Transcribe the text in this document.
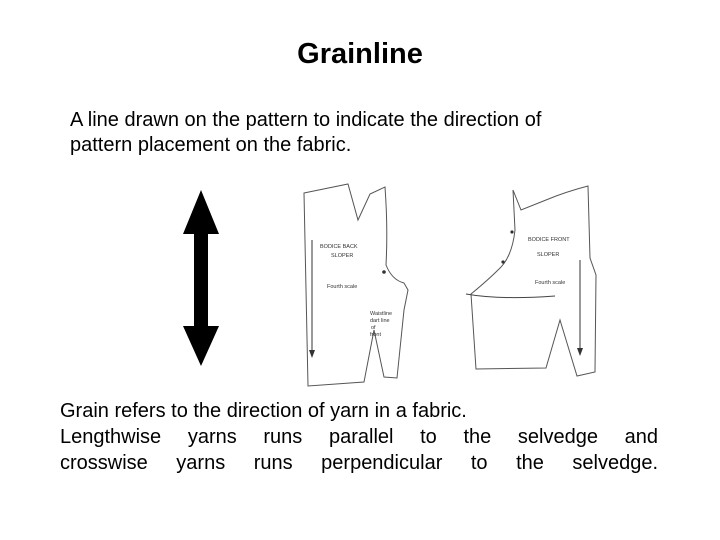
Grainline
A line drawn on the pattern to indicate the direction of
pattern placement on the fabric.
BODICE BACK
SLOPER
Fourth scale
Waistline
dart line
of
front
BODICE FRONT
SLOPER
Fourth scale
Grain refers to the direction of yarn in a fabric.
Lengthwise yarns runs parallel to the selvedge and
crosswise yarns runs perpendicular to the selvedge.
